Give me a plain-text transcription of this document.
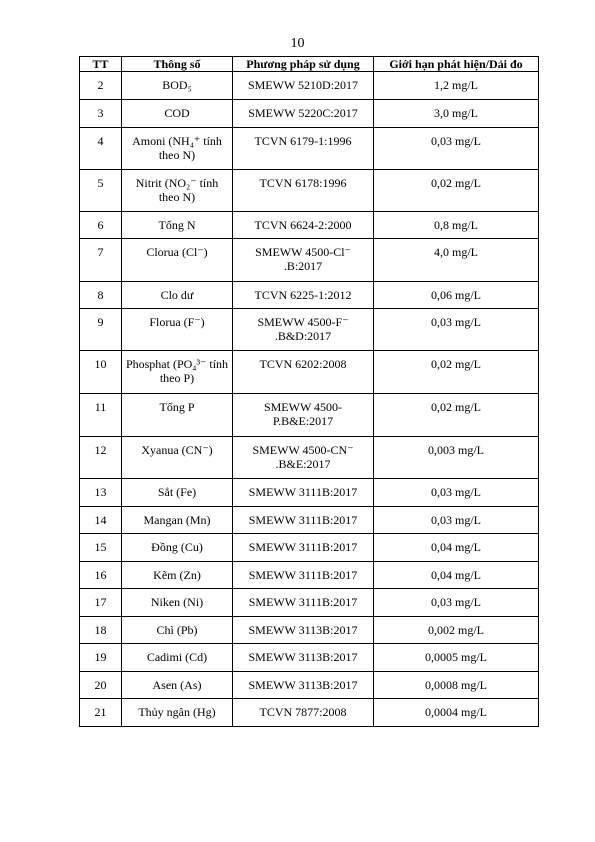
10
TT	Thông số	Phương pháp sử dụng	Giới hạn phát hiện/Dải đo
2	BOD₅	SMEWW 5210D:2017	1,2 mg/L
3	COD	SMEWW 5220C:2017	3,0 mg/L
4	Amoni (NH₄⁺ tính theo N)	TCVN 6179-1:1996	0,03 mg/L
5	Nitrit (NO₂⁻ tính theo N)	TCVN 6178:1996	0,02 mg/L
6	Tổng N	TCVN 6624-2:2000	0,8 mg/L
7	Clorua (Cl⁻)	SMEWW 4500-Cl⁻ .B:2017	4,0 mg/L
8	Clo dư	TCVN 6225-1:2012	0,06 mg/L
9	Florua (F⁻)	SMEWW 4500-F⁻ .B&D:2017	0,03 mg/L
10	Phosphat (PO₄³⁻ tính theo P)	TCVN 6202:2008	0,02 mg/L
11	Tổng P	SMEWW 4500-P.B&E:2017	0,02 mg/L
12	Xyanua (CN⁻)	SMEWW 4500-CN⁻ .B&E:2017	0,003 mg/L
13	Sắt (Fe)	SMEWW 3111B:2017	0,03 mg/L
14	Mangan (Mn)	SMEWW 3111B:2017	0,03 mg/L
15	Đồng (Cu)	SMEWW 3111B:2017	0,04 mg/L
16	Kẽm (Zn)	SMEWW 3111B:2017	0,04 mg/L
17	Niken (Ni)	SMEWW 3111B:2017	0,03 mg/L
18	Chì (Pb)	SMEWW 3113B:2017	0,002 mg/L
19	Cadimi (Cd)	SMEWW 3113B:2017	0,0005 mg/L
20	Asen (As)	SMEWW 3113B:2017	0,0008 mg/L
21	Thủy ngân (Hg)	TCVN 7877:2008	0,0004 mg/L
